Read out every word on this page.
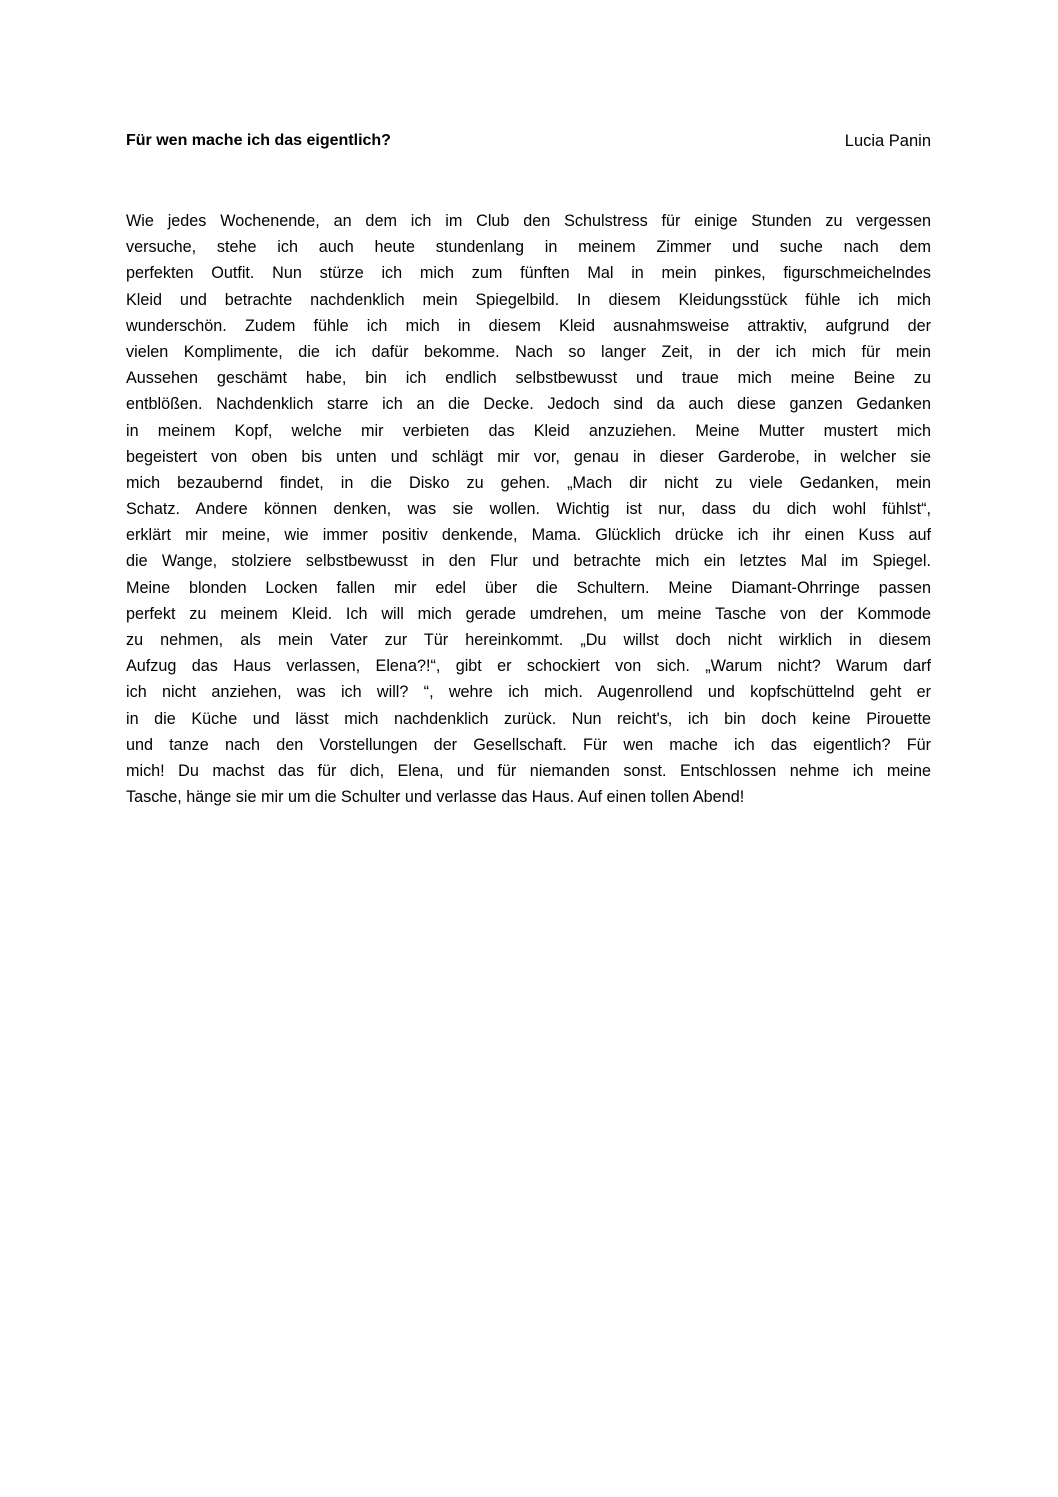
Für wen mache ich das eigentlich?	Lucia Panin
Wie jedes Wochenende, an dem ich im Club den Schulstress für einige Stunden zu vergessen
versuche, stehe ich auch heute stundenlang in meinem Zimmer und suche nach dem
perfekten Outfit. Nun stürze ich mich zum fünften Mal in mein pinkes, figurschmeichelndes
Kleid und betrachte nachdenklich mein Spiegelbild. In diesem Kleidungsstück fühle ich mich
wunderschön. Zudem fühle ich mich in diesem Kleid ausnahmsweise attraktiv, aufgrund der
vielen Komplimente, die ich dafür bekomme. Nach so langer Zeit, in der ich mich für mein
Aussehen geschämt habe, bin ich endlich selbstbewusst und traue mich meine Beine zu
entblößen. Nachdenklich starre ich an die Decke. Jedoch sind da auch diese ganzen Gedanken
in meinem Kopf, welche mir verbieten das Kleid anzuziehen. Meine Mutter mustert mich
begeistert von oben bis unten und schlägt mir vor, genau in dieser Garderobe, in welcher sie
mich bezaubernd findet, in die Disko zu gehen. „Mach dir nicht zu viele Gedanken, mein
Schatz. Andere können denken, was sie wollen. Wichtig ist nur, dass du dich wohl fühlst“,
erklärt mir meine, wie immer positiv denkende, Mama. Glücklich drücke ich ihr einen Kuss auf
die Wange, stolziere selbstbewusst in den Flur und betrachte mich ein letztes Mal im Spiegel.
Meine blonden Locken fallen mir edel über die Schultern. Meine Diamant-Ohrringe passen
perfekt zu meinem Kleid. Ich will mich gerade umdrehen, um meine Tasche von der Kommode
zu nehmen, als mein Vater zur Tür hereinkommt. „Du willst doch nicht wirklich in diesem
Aufzug das Haus verlassen, Elena?!“, gibt er schockiert von sich. „Warum nicht? Warum darf
ich nicht anziehen, was ich will? “, wehre ich mich. Augenrollend und kopfschüttelnd geht er
in die Küche und lässt mich nachdenklich zurück. Nun reicht's, ich bin doch keine Pirouette
und tanze nach den Vorstellungen der Gesellschaft. Für wen mache ich das eigentlich? Für
mich! Du machst das für dich, Elena, und für niemanden sonst. Entschlossen nehme ich meine
Tasche, hänge sie mir um die Schulter und verlasse das Haus. Auf einen tollen Abend!
